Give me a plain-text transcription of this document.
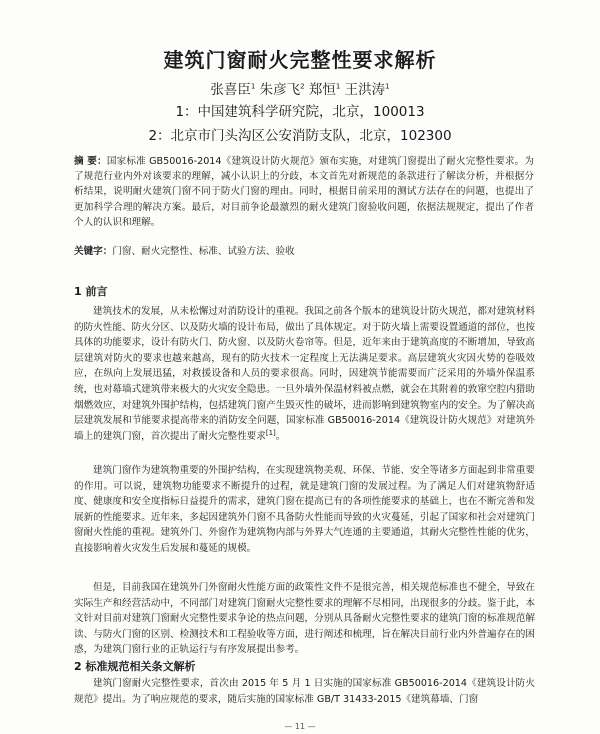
建筑门窗耐火完整性要求解析
张喜臣$^1$ 朱彦飞$^2$ 郑恒$^1$ 王洪涛$^1$
1：中国建筑科学研究院，北京，100013
2：北京市门头沟区公安消防支队，北京，102300
摘 要：国家标准 GB50016-2014《建筑设计防火规范》颁布实施，对建筑门窗提出了耐火完整性要求。为了规范行业内外对该要求的理解，减小认识上的分歧，本文首先对新规范的条款进行了解读分析，并根据分析结果，说明耐火建筑门窗不同于防火门窗的理由。同时，根据目前采用的测试方法存在的问题，也提出了更加科学合理的解决方案。最后，对目前争论最激烈的耐火建筑门窗验收问题，依据法规规定，提出了作者个人的认识和理解。
关键字：门窗、耐火完整性、标准、试验方法、验收
1 前言
建筑技术的发展，从未松懈过对消防设计的重视。我国之前各个版本的建筑设计防火规范，都对建筑材料的防火性能、防火分区、以及防火墙的设计布局，做出了具体规定。对于防火墙上需要设置通道的部位，也按具体的功能要求，设计有防火门、防火窗、以及防火卷帘等。但是，近年来由于建筑高度的不断增加，导致高层建筑对防火的要求也越来越高，现有的防火技术一定程度上无法满足要求。高层建筑火灾因火势的卷吸效应，在纵向上发展迅猛，对救援设备和人员的要求很高。同时，因建筑节能需要而广泛采用的外墙外保温系统，也对幕墙式建筑带来极大的火灾安全隐患。一旦外墙外保温材料被点燃，就会在其附着的敦窜空腔内猎助烟燃效应，对建筑外围护结构，包括建筑门窗产生毁灭性的破坏，进而影响到建筑物室内的安全。为了解决高层建筑发展和节能要求提高带来的消防安全问题，国家标准 GB50016-2014《建筑设计防火规范》对建筑外墙上的建筑门窗，首次提出了耐火完整性要求[1]。
建筑门窗作为建筑物重要的外围护结构，在实现建筑物美观、环保、节能、安全等诸多方面起到非常重要的作用。可以说，建筑物功能要求不断提升的过程，就是建筑门窗的发展过程。为了满足人们对建筑物舒适度、健康度和安全度指标日益提升的需求，建筑门窗在提高已有的各项性能要求的基础上，也在不断完善和发展新的性能要求。近年来，多起因建筑外门窗不具备防火性能而导致的火灾蔓延，引起了国家和社会对建筑门窗耐火性能的重视。建筑外门、外窗作为建筑物内部与外界大气连通的主要通道，其耐火完整性性能的优劣，直接影响着火灾发生后发展和蔓延的规模。
但是，目前我国在建筑外门外窗耐火性能方面的政策性文件不是很完善，相关规范标准也不健全，导致在实际生产和经营活动中，不同部门对建筑门窗耐火完整性要求的理解不尽相同，出现很多的分歧。鉴于此，本文针对目前对建筑门窗耐火完整性要求争论的热点问题，分别从具备耐火完整性要求的建筑门窗的标准规范解读、与防火门窗的区别、检测技术和工程验收等方面，进行阐述和梳理，旨在解决目前行业内外普遍存在的困惑，为建筑门窗行业的正轨运行与有序发展提出参考。
2 标准规范相关条文解析
建筑门窗耐火完整性要求，首次由 2015 年 5 月 1 日实施的国家标准 GB50016-2014《建筑设计防火规范》提出。为了响应规范的要求，随后实施的国家标准 GB/T 31433-2015《建筑幕墙、门窗
— 11 —
